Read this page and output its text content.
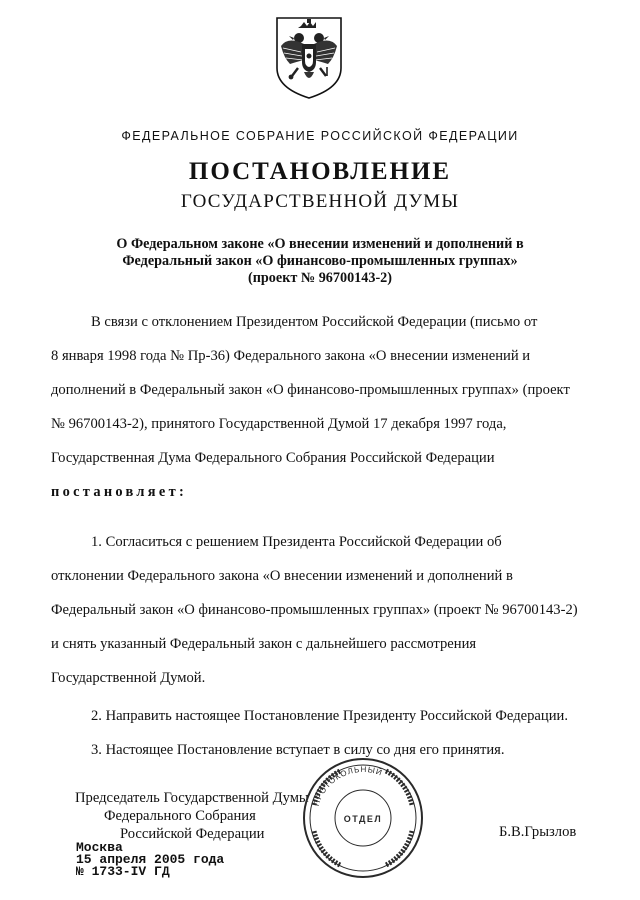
ФЕДЕРАЛЬНОЕ СОБРАНИЕ РОССИЙСКОЙ ФЕДЕРАЦИИ
ПОСТАНОВЛЕНИЕ
ГОСУДАРСТВЕННОЙ ДУМЫ
О Федеральном законе «О внесении изменений и дополнений в
Федеральный закон «О финансово-промышленных группах»
(проект № 96700143-2)
В связи с отклонением Президентом Российской Федерации (письмо от
8 января 1998 года № Пр-36) Федерального закона «О внесении изменений и
дополнений в Федеральный закон «О финансово-промышленных группах» (проект
№ 96700143-2), принятого Государственной Думой 17 декабря 1997 года,
Государственная Дума Федерального Собрания Российской Федерации
постановляет:
1. Согласиться с решением Президента Российской Федерации об
отклонении Федерального закона «О внесении изменений и дополнений в
Федеральный закон «О финансово-промышленных группах» (проект № 96700143-2)
и снять указанный Федеральный закон с дальнейшего рассмотрения
Государственной Думой.
2. Направить настоящее Постановление Президенту Российской Федерации.
3. Настоящее Постановление вступает в силу со дня его принятия.
Председатель Государственной Думы
Федерального Собрания
Российской Федерации
ПРОТОКОЛЬНЫЙ
ОТДЕЛ
Б.В.Грызлов
Москва
15 апреля 2005 года
№ 1733-IV ГД
